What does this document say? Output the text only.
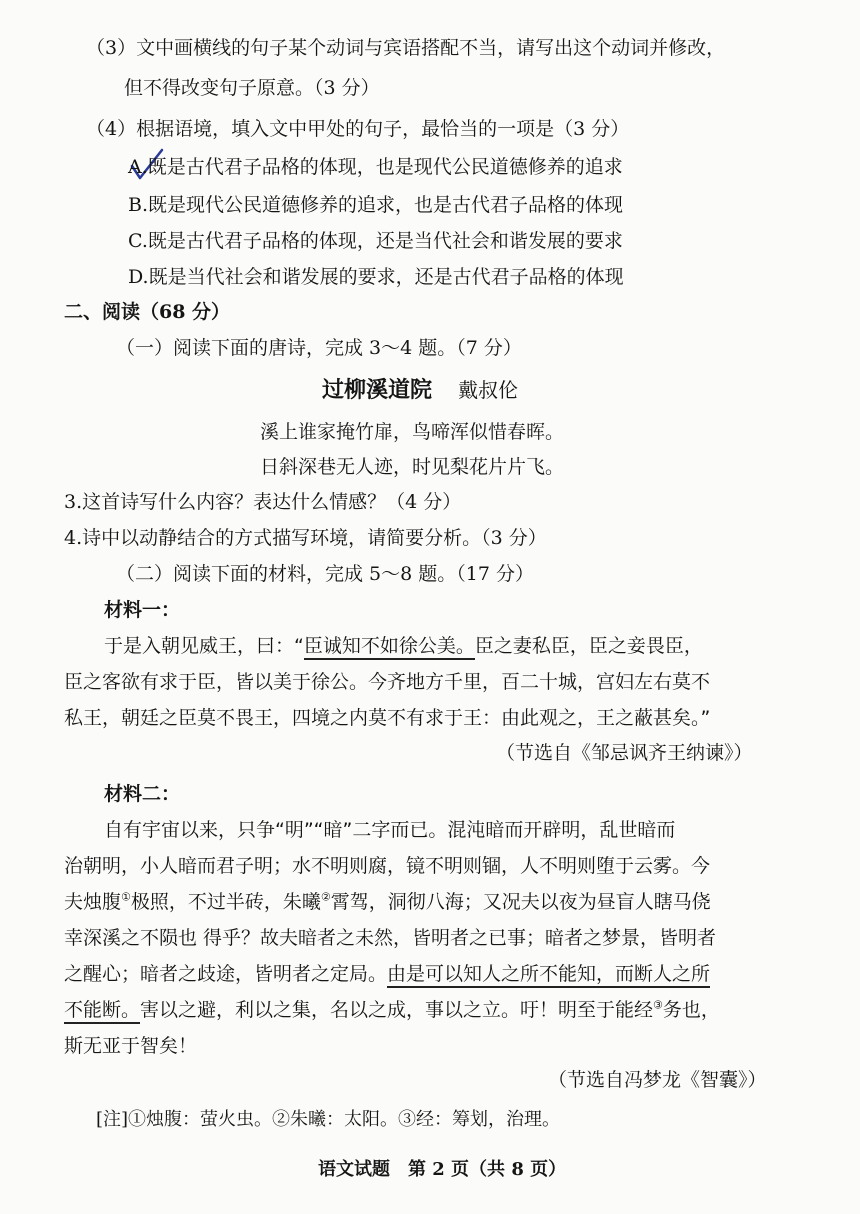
（3）文中画横线的句子某个动词与宾语搭配不当，请写出这个动词并修改，
但不得改变句子原意。（3 分）
（4）根据语境，填入文中甲处的句子，最恰当的一项是（3 分）
A.既是古代君子品格的体现，也是现代公民道德修养的追求
B.既是现代公民道德修养的追求，也是古代君子品格的体现
C.既是古代君子品格的体现，还是当代社会和谐发展的要求
D.既是当代社会和谐发展的要求，还是古代君子品格的体现
二、阅读（68 分）
（一）阅读下面的唐诗，完成 3～4 题。（7 分）
过柳溪道院 戴叔伦
溪上谁家掩竹扉，鸟啼浑似惜春晖。
日斜深巷无人迹，时见梨花片片飞。
3.这首诗写什么内容？表达什么情感？（4 分）
4.诗中以动静结合的方式描写环境，请简要分析。（3 分）
（二）阅读下面的材料，完成 5～8 题。（17 分）
材料一：
于是入朝见威王，曰：“臣诚知不如徐公美。臣之妻私臣，臣之妾畏臣，
臣之客欲有求于臣，皆以美于徐公。今齐地方千里，百二十城，宫妇左右莫不
私王，朝廷之臣莫不畏王，四境之内莫不有求于王：由此观之，王之蔽甚矣。”
（节选自《邹忌讽齐王纳谏》）
材料二：
自有宇宙以来，只争“明”“暗”二字而已。混沌暗而开辟明，乱世暗而
治朝明，小人暗而君子明；水不明则腐，镜不明则锢，人不明则堕于云雾。今
夫烛腹①极照，不过半砖，朱曦②霄驾，洞彻八海；又况夫以夜为昼盲人瞎马侥
幸深溪之不陨也 得乎？故夫暗者之未然，皆明者之已事；暗者之梦景，皆明者
之醒心；暗者之歧途，皆明者之定局。由是可以知人之所不能知，而断人之所
不能断。害以之避，利以之集，名以之成，事以之立。吁！明至于能经③务也，
斯无亚于智矣！
（节选自冯梦龙《智囊》）
[注]①烛腹：萤火虫。②朱曦：太阳。③经：筹划，治理。
语文试题　第 2 页（共 8 页）
